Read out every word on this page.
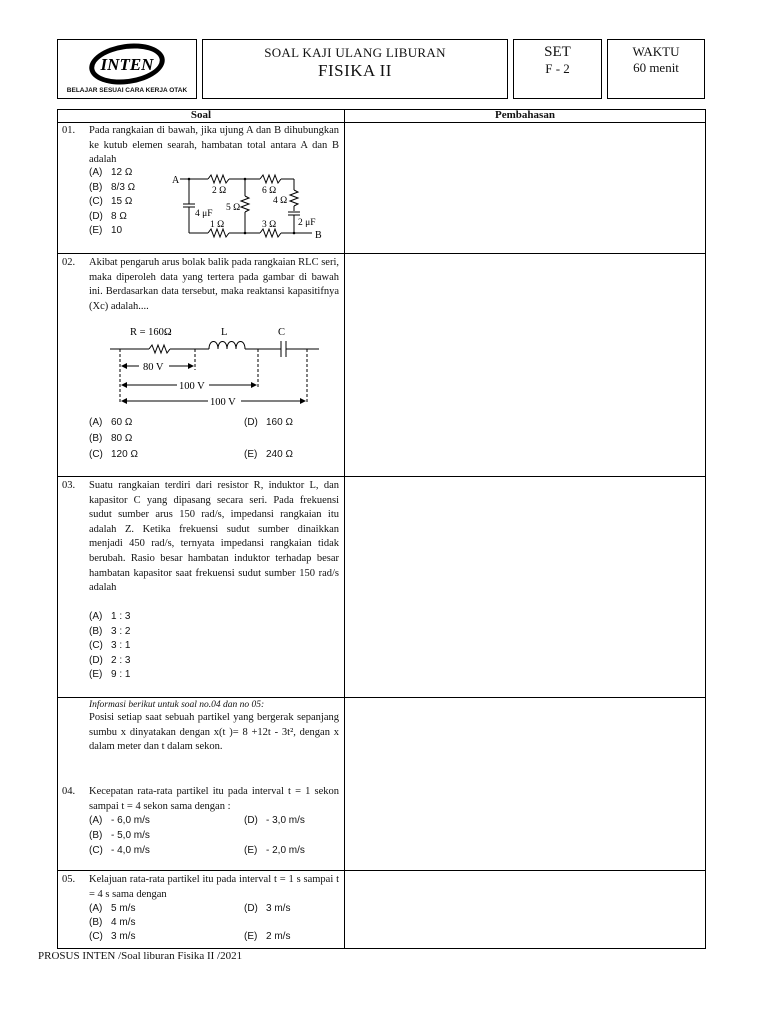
INTEN
BELAJAR SESUAI CARA KERJA OTAK
SOAL KAJI ULANG LIBURAN
FISIKA II
SET
F - 2
WAKTU
60 menit
Soal	Pembahasan
01. Pada rangkaian di bawah, jika ujung A dan B dihubungkan ke kutub elemen searah, hambatan total antara A dan B adalah
(A) 12 Ω
(B) 8/3 Ω
(C) 15 Ω
(D) 8 Ω
(E) 10
A
B
2 Ω	6 Ω
4 Ω
5 Ω
1 Ω	3 Ω
4 μF
2 μF
02. Akibat pengaruh arus bolak balik pada rangkaian RLC seri, maka diperoleh data yang tertera pada gambar di bawah ini. Berdasarkan data tersebut, maka reaktansi kapasitifnya (Xc) adalah....
R = 160Ω	L	C
80 V
100 V
100 V
(A) 60 Ω	(D) 160 Ω
(B) 80 Ω
(C) 120 Ω	(E) 240 Ω
03. Suatu rangkaian terdiri dari resistor R, induktor L, dan kapasitor C yang dipasang secara seri. Pada frekuensi sudut sumber arus 150 rad/s, impedansi rangkaian itu adalah Z. Ketika frekuensi sudut sumber dinaikkan menjadi 450 rad/s, ternyata impedansi rangkaian tidak berubah. Rasio besar hambatan induktor terhadap besar hambatan kapasitor saat frekuensi sudut sumber 150 rad/s adalah
(A) 1 : 3
(B) 3 : 2
(C) 3 : 1
(D) 2 : 3
(E) 9 : 1
Informasi berikut untuk soal no.04 dan no 05:
Posisi setiap saat sebuah partikel yang bergerak sepanjang sumbu x dinyatakan dengan x(t )= 8 +12t - 3t², dengan x dalam meter dan t dalam sekon.
04. Kecepatan rata-rata partikel itu pada interval t = 1 sekon sampai t = 4 sekon sama dengan :
(A) - 6,0 m/s	(D) - 3,0 m/s
(B) - 5,0 m/s
(C) - 4,0 m/s	(E) - 2,0 m/s
05. Kelajuan rata-rata partikel itu pada interval t = 1 s sampai t = 4 s sama dengan
(A) 5 m/s	(D) 3 m/s
(B) 4 m/s
(C) 3 m/s	(E) 2 m/s
PROSUS INTEN /Soal liburan Fisika II /2021
